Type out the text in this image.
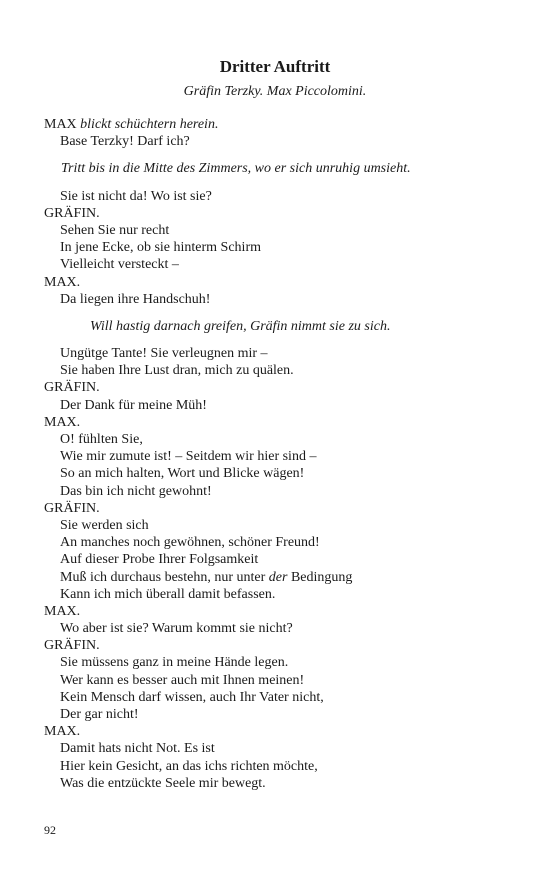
Dritter Auftritt
Gräfin Terzky. Max Piccolomini.
MAX blickt schüchtern herein.
Base Terzky! Darf ich?
Tritt bis in die Mitte des Zimmers, wo er sich unruhig umsieht.
Sie ist nicht da! Wo ist sie?
GRÄFIN.
Sehen Sie nur recht
In jene Ecke, ob sie hinterm Schirm
Vielleicht versteckt –
MAX.
Da liegen ihre Handschuh!
Will hastig darnach greifen, Gräfin nimmt sie zu sich.
Ungütge Tante! Sie verleugnen mir –
Sie haben Ihre Lust dran, mich zu quälen.
GRÄFIN.
Der Dank für meine Müh!
MAX.
O! fühlten Sie,
Wie mir zumute ist! – Seitdem wir hier sind –
So an mich halten, Wort und Blicke wägen!
Das bin ich nicht gewohnt!
GRÄFIN.
Sie werden sich
An manches noch gewöhnen, schöner Freund!
Auf dieser Probe Ihrer Folgsamkeit
Muß ich durchaus bestehn, nur unter der Bedingung
Kann ich mich überall damit befassen.
MAX.
Wo aber ist sie? Warum kommt sie nicht?
GRÄFIN.
Sie müssens ganz in meine Hände legen.
Wer kann es besser auch mit Ihnen meinen!
Kein Mensch darf wissen, auch Ihr Vater nicht,
Der gar nicht!
MAX.
Damit hats nicht Not. Es ist
Hier kein Gesicht, an das ichs richten möchte,
Was die entzückte Seele mir bewegt.
92
